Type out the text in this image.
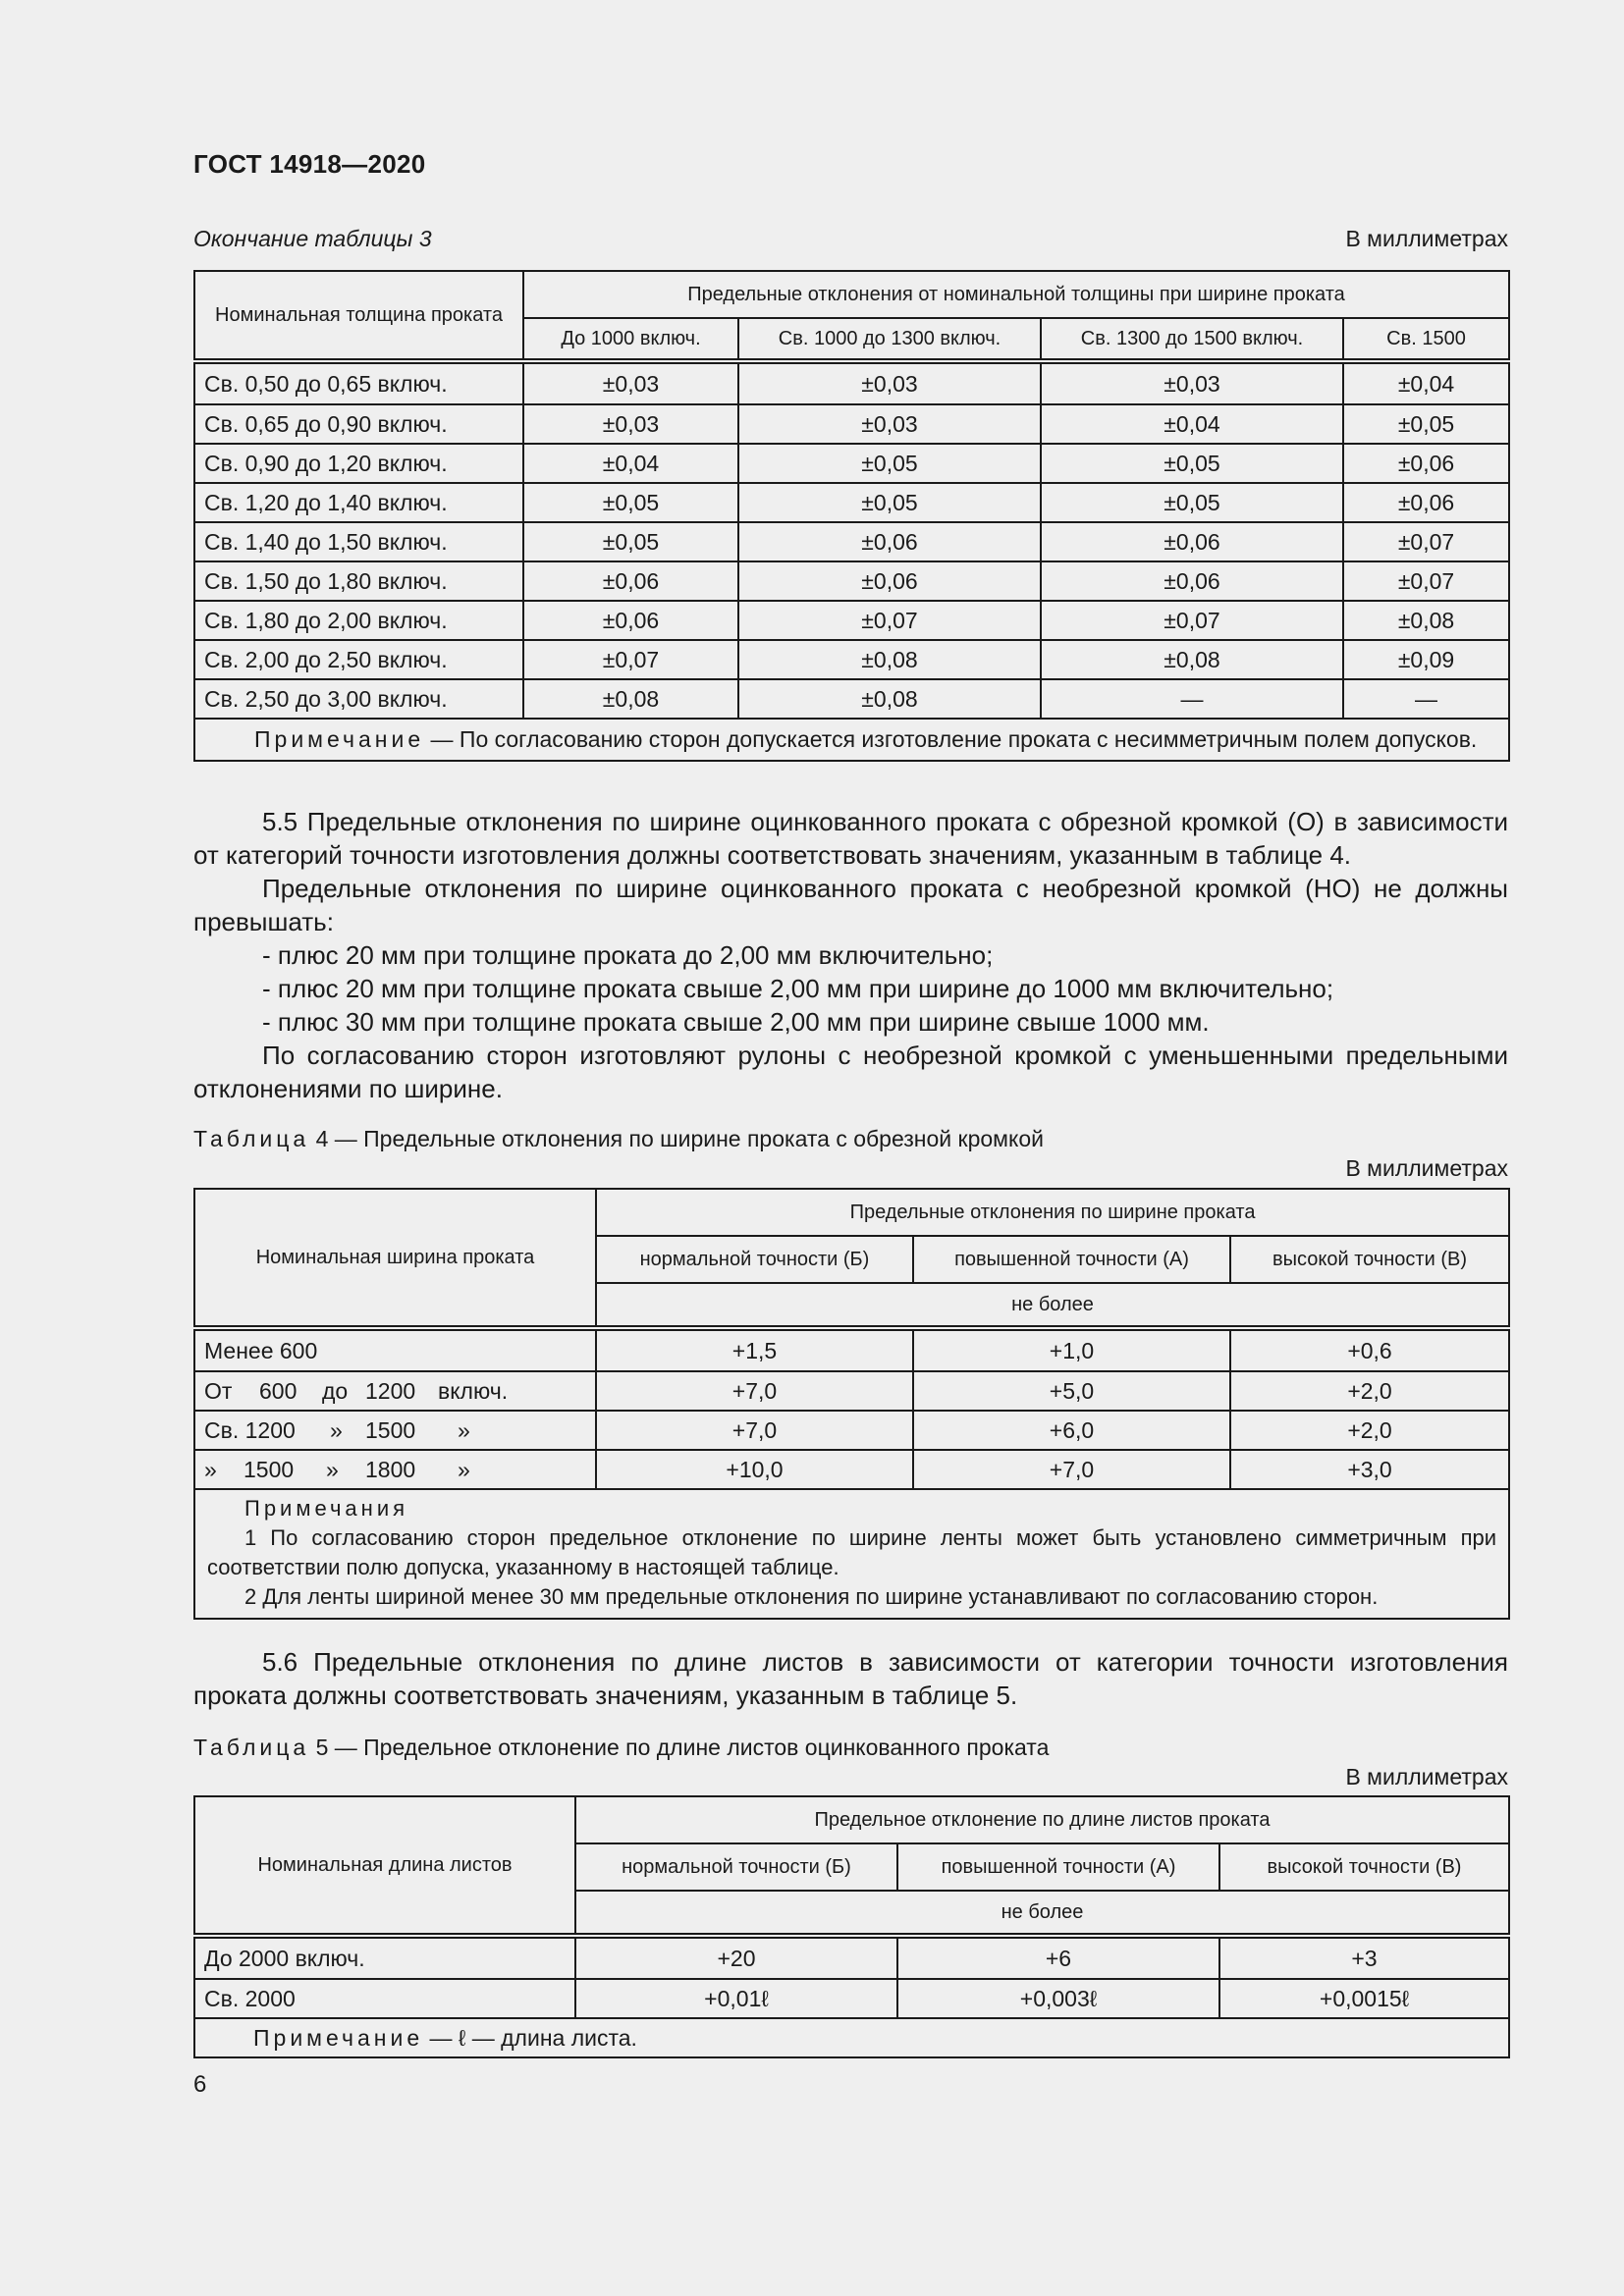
ГОСТ 14918—2020
Окончание таблицы 3	В миллиметрах
Номинальная толщина проката	Предельные отклонения от номинальной толщины при ширине проката			
	До 1000 включ.	Св. 1000 до 1300 включ.	Св. 1300 до 1500 включ.	Св. 1500
Св. 0,50 до 0,65 включ.	±0,03	±0,03	±0,03	±0,04
Св. 0,65 до 0,90 включ.	±0,03	±0,03	±0,04	±0,05
Св. 0,90 до 1,20 включ.	±0,04	±0,05	±0,05	±0,06
Св. 1,20 до 1,40 включ.	±0,05	±0,05	±0,05	±0,06
Св. 1,40 до 1,50 включ.	±0,05	±0,06	±0,06	±0,07
Св. 1,50 до 1,80 включ.	±0,06	±0,06	±0,06	±0,07
Св. 1,80 до 2,00 включ.	±0,06	±0,07	±0,07	±0,08
Св. 2,00 до 2,50 включ.	±0,07	±0,08	±0,08	±0,09
Св. 2,50 до 3,00 включ.	±0,08	±0,08	—	—
Примечание — По согласованию сторон допускается изготовление проката с несимметричным полем допусков.				

5.5 Предельные отклонения по ширине оцинкованного проката с обрезной кромкой (О) в зависимости от категорий точности изготовления должны соответствовать значениям, указанным в таблице 4.

Предельные отклонения по ширине оцинкованного проката с необрезной кромкой (НО) не должны превышать:

- плюс 20 мм при толщине проката до 2,00 мм включительно;

- плюс 20 мм при толщине проката свыше 2,00 мм при ширине до 1000 мм включительно;

- плюс 30 мм при толщине проката свыше 2,00 мм при ширине свыше 1000 мм.

По согласованию сторон изготовляют рулоны с необрезной кромкой с уменьшенными предельными отклонениями по ширине.

Таблица 4 — Предельные отклонения по ширине проката с обрезной кромкой
В миллиметрах
Номинальная ширина проката	Предельные отклонения по ширине проката		
	нормальной точности (Б)	повышенной точности (А)	высокой точности (В)
	не более		
Менее 600	+1,5	+1,0	+0,6
От 600 до 1200 включ.	+7,0	+5,0	+2,0
Св. 1200 » 1500 »	+7,0	+6,0	+2,0
» 1500 » 1800 »	+10,0	+7,0	+3,0

Примечания
1 По согласованию сторон предельное отклонение по ширине ленты может быть установлено симметричным при соответствии полю допуска, указанному в настоящей таблице.
2 Для ленты шириной менее 30 мм предельные отклонения по ширине устанавливают по согласованию сторон.			

5.6 Предельные отклонения по длине листов в зависимости от категории точности изготовления проката должны соответствовать значениям, указанным в таблице 5.

Таблица 5 — Предельное отклонение по длине листов оцинкованного проката
В миллиметрах
Номинальная длина листов	Предельное отклонение по длине листов проката		
	нормальной точности (Б)	повышенной точности (А)	высокой точности (В)
	не более		
До 2000 включ.	+20	+6	+3
Св. 2000	+0,01ℓ	+0,003ℓ	+0,0015ℓ
Примечание — ℓ — длина листа.			
6
